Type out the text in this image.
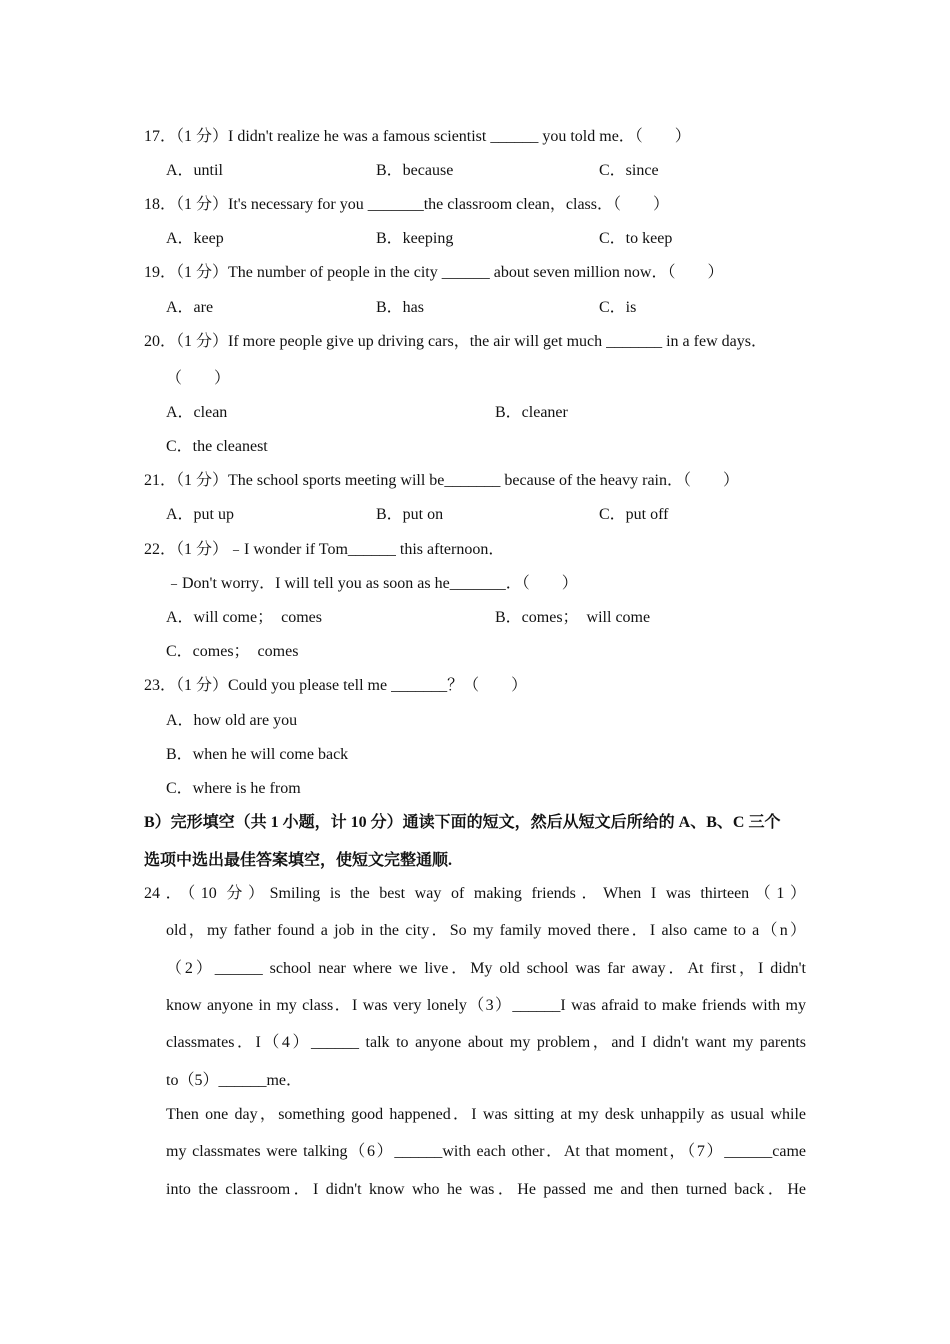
17．（1 分）I didn't realize he was a famous scientist ______ you told me．（　　）
A．until	B．because	C．since
18．（1 分）It's necessary for you _______the classroom clean，class．（　　）
A．keep	B．keeping	C．to keep
19．（1 分）The number of people in the city ______ about seven million now．（　　）
A．are	B．has	C．is
20．（1 分）If more people give up driving cars，the air will get much _______ in a few days．
（　　）
A．clean	B．cleaner
C．the cleanest
21．（1 分）The school sports meeting will be_______ because of the heavy rain．（　　）
A．put up	B．put on	C．put off
22．（1 分）﹣I wonder if Tom______ this afternoon．
﹣Don't worry．I will tell you as soon as he_______．（　　）
A．will come；  comes	B．comes；  will come
C．comes；  comes
23．（1 分）Could you please tell me _______？（　　）
A．how old are you
B．when he will come back
C．where is he from
B）完形填空（共 1 小题，计 10 分）通读下面的短文，然后从短文后所给的 A、B、C 三个
选项中选出最佳答案填空，使短文完整通顺.
24．（10 分）Smiling is the best way of making friends．When I was thirteen（1）
old，my father found a job in the city．So my family moved there．I also came to a（n）
（2）______ school near where we live．My old school was far away．At first，I didn't
know anyone in my class．I was very lonely（3）______I was afraid to make friends with my
classmates．I（4）______ talk to anyone about my problem，and I didn't want my parents
to（5）______me．
Then one day，something good happened．I was sitting at my desk unhappily as usual while
my classmates were talking（6）______with each other．At that moment，（7）______came
into the classroom．I didn't know who he was．He passed me and then turned back．He
